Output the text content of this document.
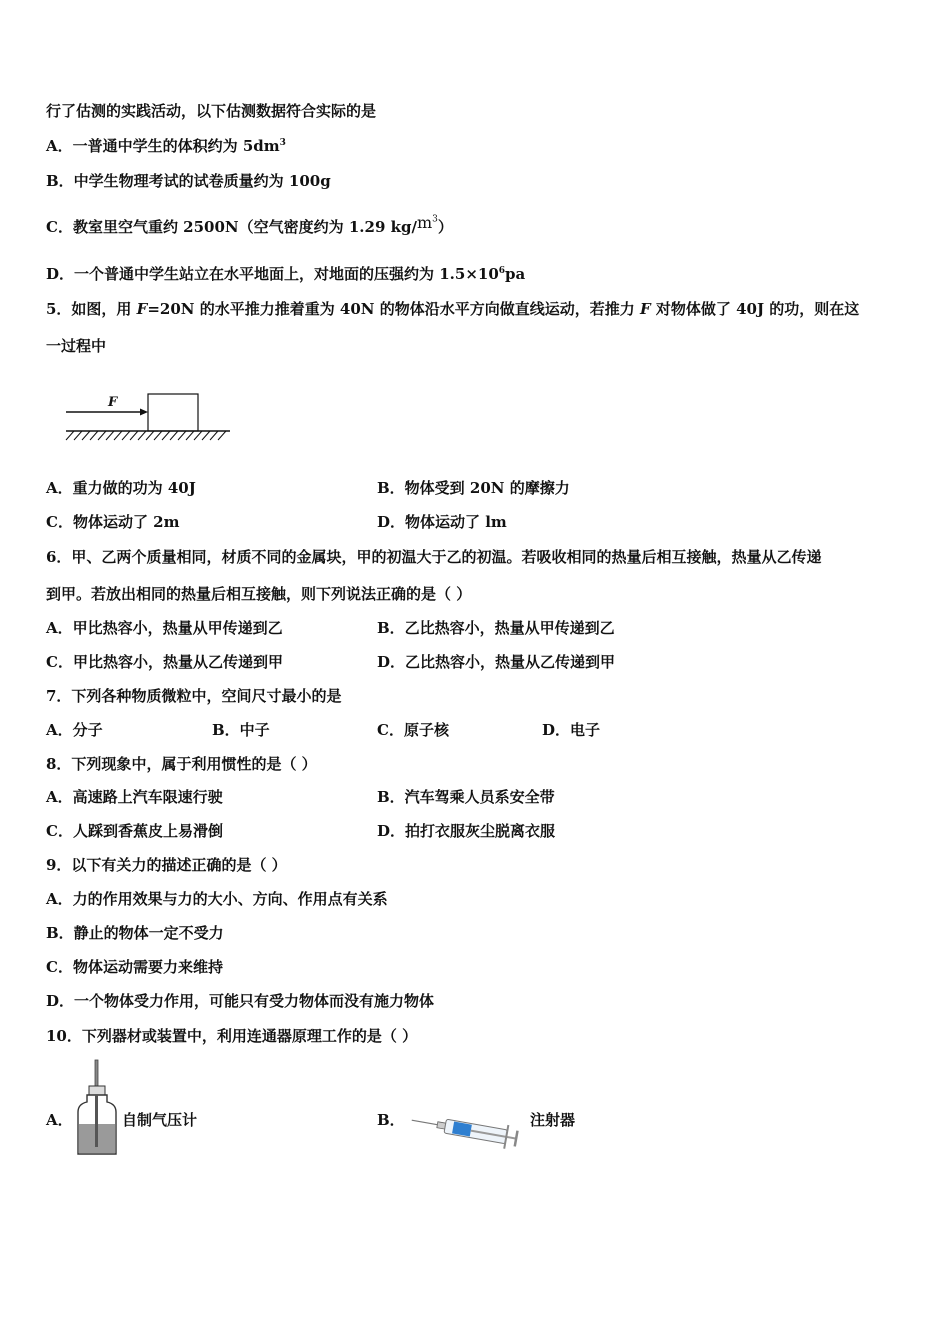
行了估测的实践活动，以下估测数据符合实际的是
A．一普通中学生的体积约为 $5dm^3$
B．中学生物理考试的试卷质量约为 100g
C．教室里空气重约 2500N（空气密度约为 1.29 $kg/m^3$）
D．一个普通中学生站立在水平地面上，对地面的压强约为 $1.5\times 10^6pa$
5．如图，用 F=20N 的水平推力推着重为 40N 的物体沿水平方向做直线运动，若推力 F 对物体做了 40J 的功，则在这
一过程中
F
A．重力做的功为 40J	B．物体受到 20N 的摩擦力
C．物体运动了 2m	D．物体运动了 lm
6．甲、乙两个质量相同，材质不同的金属块，甲的初温大于乙的初温。若吸收相同的热量后相互接触，热量从乙传递
到甲。若放出相同的热量后相互接触，则下列说法正确的是（ ）
A．甲比热容小，热量从甲传递到乙	B．乙比热容小，热量从甲传递到乙
C．甲比热容小，热量从乙传递到甲	D．乙比热容小，热量从乙传递到甲
7．下列各种物质微粒中，空间尺寸最小的是
A．分子	B．中子	C．原子核	D．电子
8．下列现象中，属于利用惯性的是（ ）
A．高速路上汽车限速行驶	B．汽车驾乘人员系安全带
C．人踩到香蕉皮上易滑倒	D．拍打衣服灰尘脱离衣服
9．以下有关力的描述正确的是（ ）
A．力的作用效果与力的大小、方向、作用点有关系
B．静止的物体一定不受力
C．物体运动需要力来维持
D．一个物体受力作用，可能只有受力物体而没有施力物体
10．下列器材或装置中，利用连通器原理工作的是（ ）
A．	自制气压计	B．	注射器
